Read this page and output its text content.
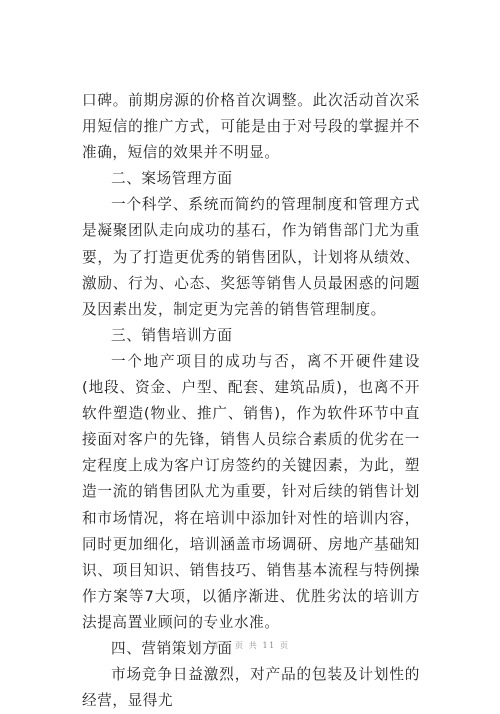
口碑。前期房源的价格首次调整。此次活动首次采用短信的推广方式，可能是由于对号段的掌握并不准确，短信的效果并不明显。

二、案场管理方面

一个科学、系统而简约的管理制度和管理方式是凝聚团队走向成功的基石，作为销售部门尤为重要，为了打造更优秀的销售团队，计划将从绩效、激励、行为、心态、奖惩等销售人员最困惑的问题及因素出发，制定更为完善的销售管理制度。

三、销售培训方面

一个地产项目的成功与否，离不开硬件建设(地段、资金、户型、配套、建筑品质)，也离不开软件塑造(物业、推广、销售)，作为软件环节中直接面对客户的先锋，销售人员综合素质的优劣在一定程度上成为客户订房签约的关键因素，为此，塑造一流的销售团队尤为重要，针对后续的销售计划和市场情况，将在培训中添加针对性的培训内容，同时更加细化，培训涵盖市场调研、房地产基础知识、项目知识、销售技巧、销售基本流程与特例操作方案等7大项，以循序渐进、优胜劣汰的培训方法提高置业顾问的专业水准。

四、营销策划方面

市场竞争日益激烈，对产品的包装及计划性的经营，显得尤

第 2 页 共 11 页
